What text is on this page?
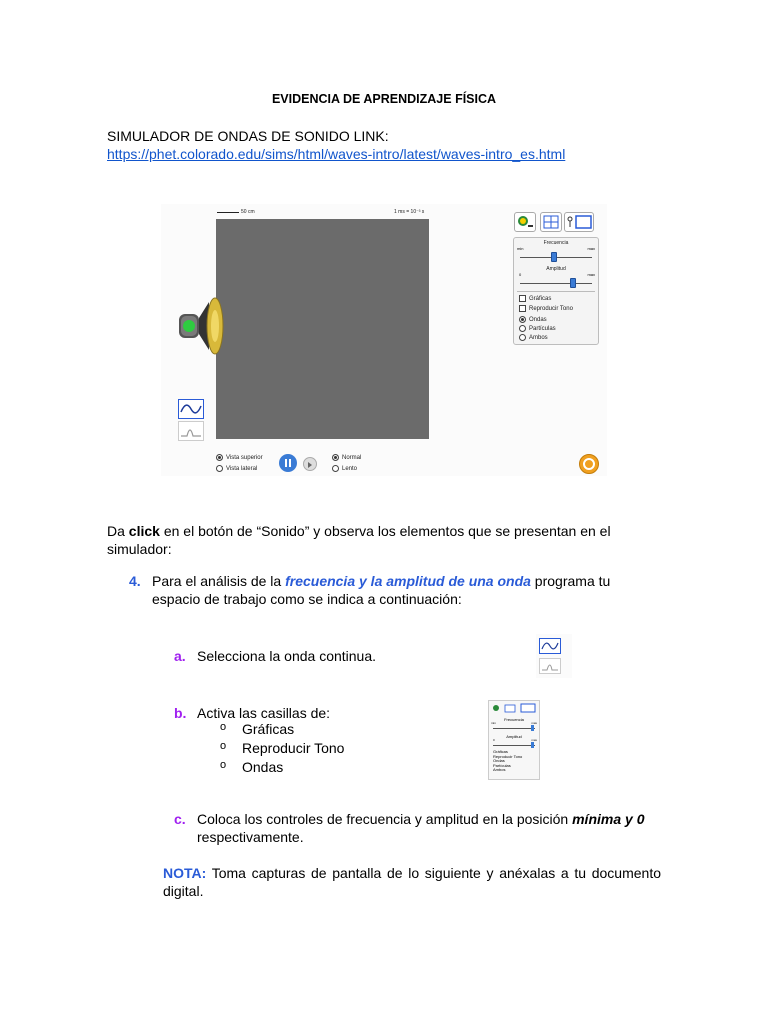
EVIDENCIA DE APRENDIZAJE FÍSICA
SIMULADOR DE ONDAS DE SONIDO LINK:
https://phet.colorado.edu/sims/html/waves-intro/latest/waves-intro_es.html
50 cm	1 ms = 10⁻³ s
Frecuencia
min	max
Amplitud
0	max
Gráficas
Reproducir Tono
Ondas
Partículas
Ambos
Vista superior
Vista lateral
Normal
Lento
Da click en el botón de “Sonido” y observa los elementos que se presentan en el simulador:
4. Para el análisis de la frecuencia y la amplitud de una onda programa tu espacio de trabajo como se indica a continuación:
a. Selecciona la onda continua.
b. Activa las casillas de:
o Gráficas
o Reproducir Tono
o Ondas
Frecuencia
min	max
Amplitud
0	max
Gráficas
Reproducir Tono
Ondas
Partículas
Ambos
c. Coloca los controles de frecuencia y amplitud en la posición mínima y 0 respectivamente.
NOTA: Toma capturas de pantalla de lo siguiente y anéxalas a tu documento digital.
